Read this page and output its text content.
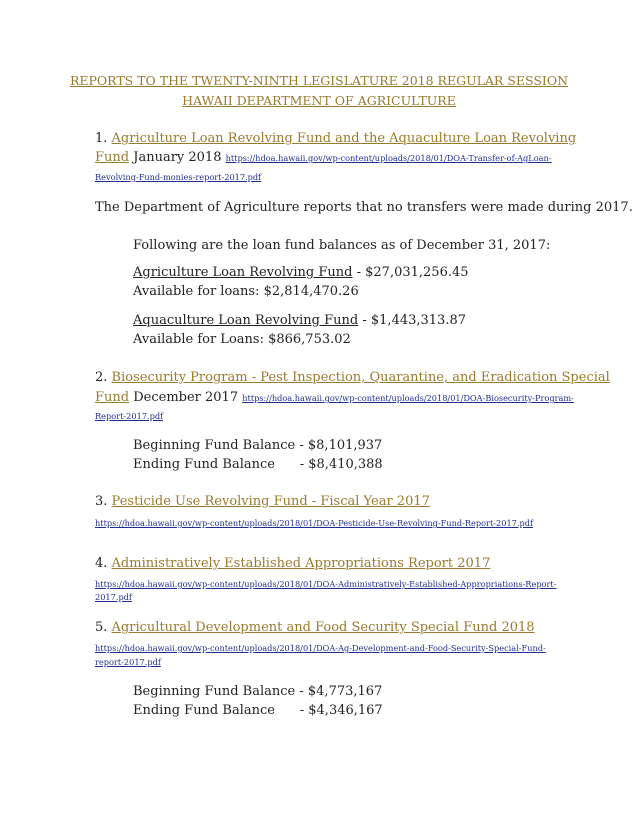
REPORTS TO THE TWENTY-NINTH LEGISLATURE 2018 REGULAR SESSION
HAWAII DEPARTMENT OF AGRICULTURE
1. Agriculture Loan Revolving Fund and the Aquaculture Loan Revolving
Fund January 2018 https://hdoa.hawaii.gov/wp-content/uploads/2018/01/DOA-Transfer-of-AgLoan-
Revolving-Fund-monies-report-2017.pdf
The Department of Agriculture reports that no transfers were made during 2017.
Following are the loan fund balances as of December 31, 2017:
Agriculture Loan Revolving Fund - $27,031,256.45
Available for loans: $2,814,470.26
Aquaculture Loan Revolving Fund - $1,443,313.87
Available for Loans: $866,753.02
2. Biosecurity Program - Pest Inspection, Quarantine, and Eradication Special
Fund December 2017 https://hdoa.hawaii.gov/wp-content/uploads/2018/01/DOA-Biosecurity-Program-
Report-2017.pdf
Beginning Fund Balance - $8,101,937
Ending Fund Balance      - $8,410,388
3. Pesticide Use Revolving Fund - Fiscal Year 2017
https://hdoa.hawaii.gov/wp-content/uploads/2018/01/DOA-Pesticide-Use-Revolving-Fund-Report-2017.pdf
4. Administratively Established Appropriations Report 2017
https://hdoa.hawaii.gov/wp-content/uploads/2018/01/DOA-Administratively-Established-Appropriations-Report-
2017.pdf
5. Agricultural Development and Food Security Special Fund 2018
https://hdoa.hawaii.gov/wp-content/uploads/2018/01/DOA-Ag-Development-and-Food-Security-Special-Fund-
report-2017.pdf
Beginning Fund Balance - $4,773,167
Ending Fund Balance      - $4,346,167
